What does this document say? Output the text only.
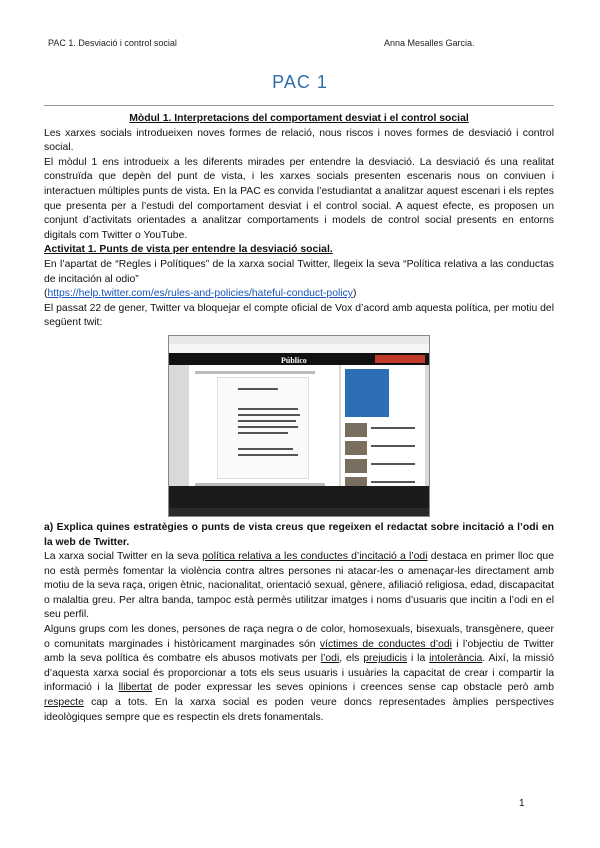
PAC 1. Desviació i control social	Anna Mesalles Garcia.
PAC 1

Mòdul 1. Interpretacions del comportament desviat i el control social

Les xarxes socials introdueixen noves formes de relació, nous riscos i noves formes de desviació i control social.

El mòdul 1 ens introdueix a les diferents mirades per entendre la desviació. La desviació és una realitat construïda que depèn del punt de vista, i les xarxes socials presenten escenaris nous on conviuen i interactuen múltiples punts de vista. En la PAC es convida l’estudiantat a analitzar aquest escenari i els reptes que presenta per a l’estudi del comportament desviat i el control social. A aquest efecte, es proposen un conjunt d’activitats orientades a analitzar comportaments i models de control social presents en entorns digitals com Twitter o YouTube.

Activitat 1. Punts de vista per entendre la desviació social.

En l’apartat de “Regles i Polítiques” de la xarxa social Twitter, llegeix la seva “Política relativa a las conductas de incitación al odio”

(https://help.twitter.com/es/rules-and-policies/hateful-conduct-policy)

El passat 22 de gener, Twitter va bloquejar el compte oficial de Vox d’acord amb aquesta política, per motiu del següent twit:

Público

a) Explica quines estratègies o punts de vista creus que regeixen el redactat sobre incitació a l’odi en la web de Twitter.

La xarxa social Twitter en la seva política relativa a les conductes d’incitació a l’odi destaca en primer lloc que no està permès fomentar la violència contra altres persones ni atacar-les o amenaçar-les directament amb motiu de la seva raça, origen ètnic, nacionalitat, orientació sexual, gènere, afiliació religiosa, edad, discapacitat o malaltia greu. Per altra banda, tampoc està permès utilitzar imatges i noms d’usuaris que incitin a l’odi en el seu perfil.

Alguns grups com les dones, persones de raça negra o de color, homosexuals, bisexuals, transgènere, queer o comunitats marginades i històricament marginades són víctimes de conductes d’odi i l’objectiu de Twitter amb la seva política és combatre els abusos motivats per l’odi, els prejudicis i la intolerància. Així, la missió d’aquesta xarxa social és proporcionar a tots els seus usuaris i usuàries la capacitat de crear i compartir la informació i la llibertat de poder expressar les seves opinions i creences sense cap obstacle però amb respecte cap a tots. En la xarxa social es poden veure doncs representades àmplies perspectives ideològiques sempre que es respectin els drets fonamentals.

1
